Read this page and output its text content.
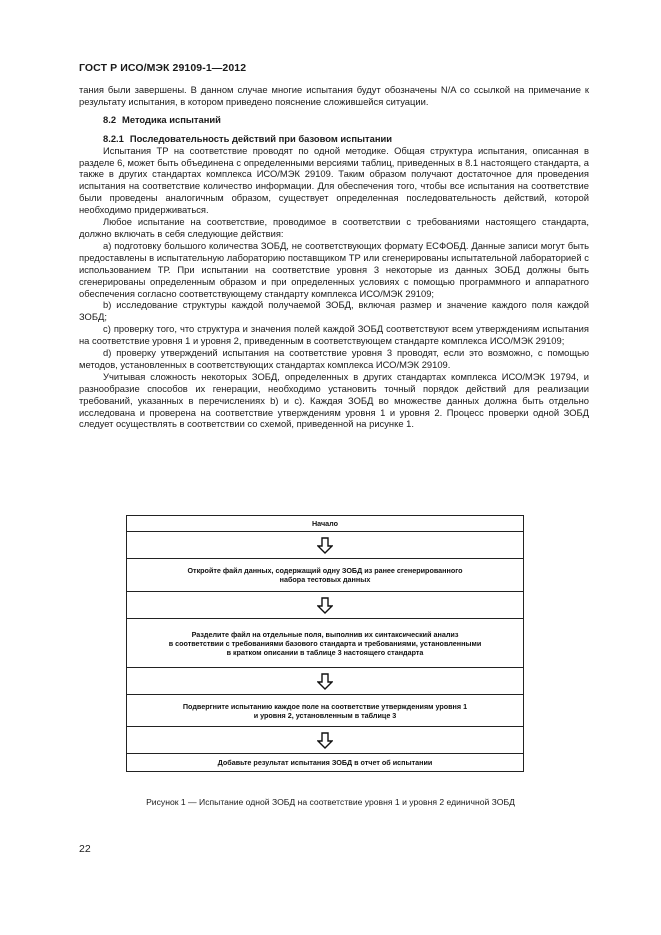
ГОСТ Р ИСО/МЭК 29109-1—2012

тания были завершены. В данном случае многие испытания будут обозначены N/A со ссылкой на примечание к результату испытания, в котором приведено пояснение сложившейся ситуации.

8.2 Методика испытаний
8.2.1 Последовательность действий при базовом испытании

Испытания ТР на соответствие проводят по одной методике. Общая структура испытания, описанная в разделе 6, может быть объединена с определенными версиями таблиц, приведенных в 8.1 настоящего стандарта, а также в других стандартах комплекса ИСО/МЭК 29109. Таким образом получают достаточное для проведения испытания на соответствие количество информации. Для обеспечения того, чтобы все испытания на соответствие были проведены аналогичным образом, существует определенная последовательность действий, которой необходимо придерживаться.

Любое испытание на соответствие, проводимое в соответствии с требованиями настоящего стандарта, должно включать в себя следующие действия:

a) подготовку большого количества ЗОБД, не соответствующих формату ЕСФОБД. Данные записи могут быть предоставлены в испытательную лабораторию поставщиком ТР или сгенерированы испытательной лабораторией с использованием ТР. При испытании на соответствие уровня 3 некоторые из данных ЗОБД должны быть сгенерированы определенным образом и при определенных условиях с помощью программного и аппаратного обеспечения согласно соответствующему стандарту комплекса ИСО/МЭК 29109;

b) исследование структуры каждой получаемой ЗОБД, включая размер и значение каждого поля каждой ЗОБД;

c) проверку того, что структура и значения полей каждой ЗОБД соответствуют всем утверждениям испытания на соответствие уровня 1 и уровня 2, приведенным в соответствующем стандарте комплекса ИСО/МЭК 29109;

d) проверку утверждений испытания на соответствие уровня 3 проводят, если это возможно, с помощью методов, установленных в соответствующих стандартах комплекса ИСО/МЭК 29109.

Учитывая сложность некоторых ЗОБД, определенных в других стандартах комплекса ИСО/МЭК 19794, и разнообразие способов их генерации, необходимо установить точный порядок действий для реализации требований, указанных в перечислениях b) и c). Каждая ЗОБД во множестве данных должна быть отдельно исследована и проверена на соответствие утверждениям уровня 1 и уровня 2. Процесс проверки одной ЗОБД следует осуществлять в соответствии со схемой, приведенной на рисунке 1.

Начало
Откройте файл данных, содержащий одну ЗОБД из ранее сгенерированного
набора тестовых данных
Разделите файл на отдельные поля, выполнив их синтаксический анализ
в соответствии с требованиями базового стандарта и требованиями, установленными
в кратком описании в таблице 3 настоящего стандарта
Подвергните испытанию каждое поле на соответствие утверждениям уровня 1
и уровня 2, установленным в таблице 3
Добавьте результат испытания ЗОБД в отчет об испытании
Рисунок 1 — Испытание одной ЗОБД на соответствие уровня 1 и уровня 2 единичной ЗОБД
22
